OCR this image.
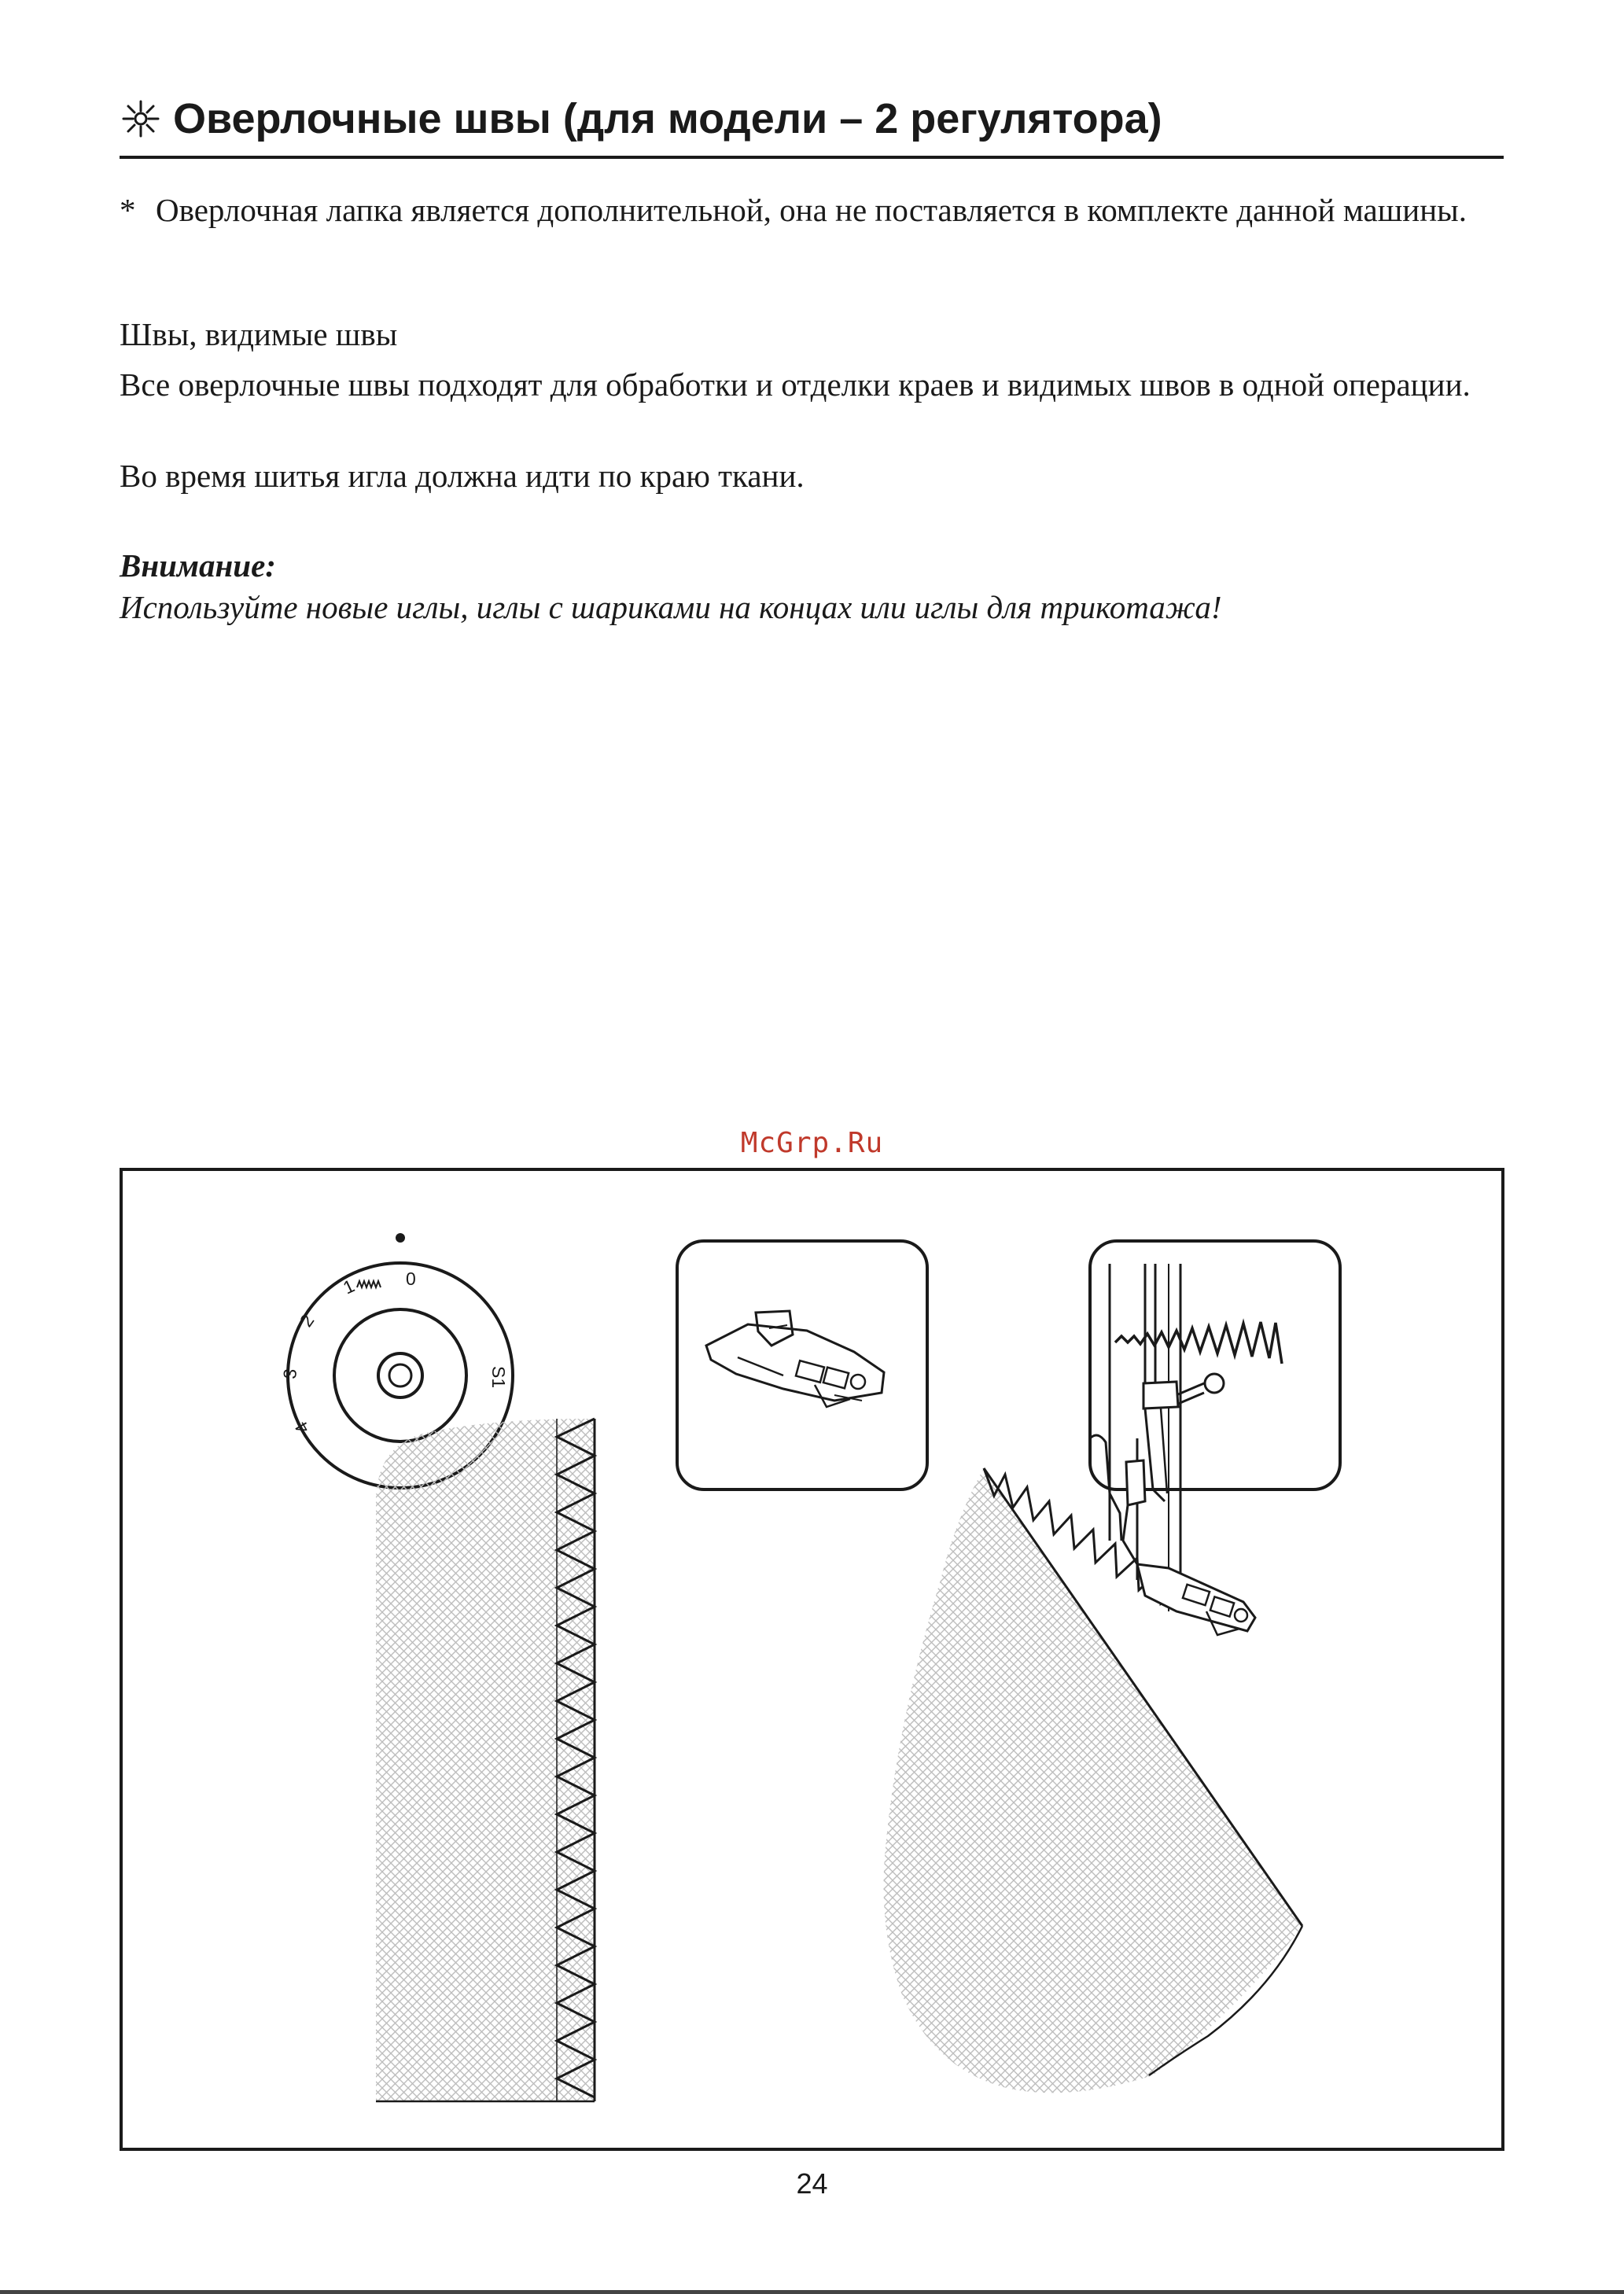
Оверлочные швы (для модели – 2 регулятора)
* Оверлочная лапка является дополнительной, она не поставляется в комплекте данной машины.
Швы, видимые швы
Все оверлочные швы подходят для обработки и отделки краев и видимых швов в одной операции.
Во время шитья игла должна идти по краю ткани.
Внимание:
Используйте новые иглы, иглы с шариками на концах или иглы для трикотажа!
McGrp.Ru
0
1
2
3
4
S1
24
